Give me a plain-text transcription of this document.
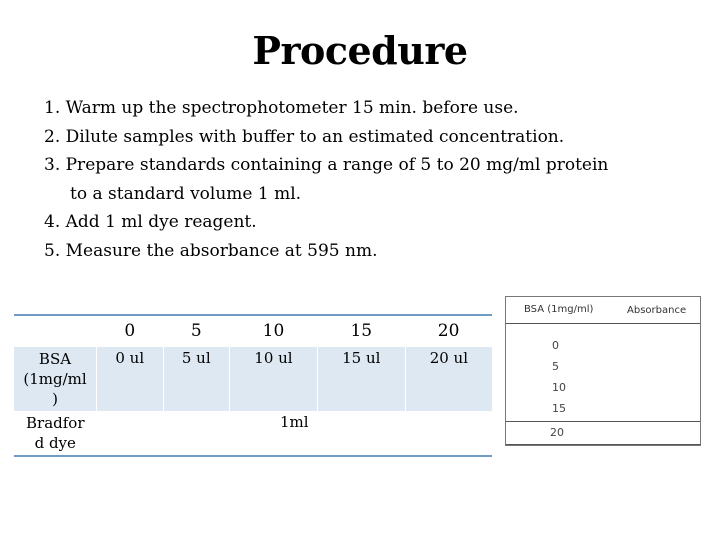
Procedure
1. Warm up the spectrophotometer 15 min. before use.
2. Dilute samples with buffer to an estimated concentration.
3. Prepare standards containing a range of 5 to 20 mg/ml protein
to a standard volume 1 ml.
4. Add 1 ml dye reagent.
5. Measure the absorbance at 595 nm.
	0	5	10	15	20
BSA
(1mg/ml
)	0 ul	5 ul	10 ul	15 ul	20 ul
Bradfor
d dye	1ml				
BSA (1mg/ml)	Absorbance
0
5
10
15
20
